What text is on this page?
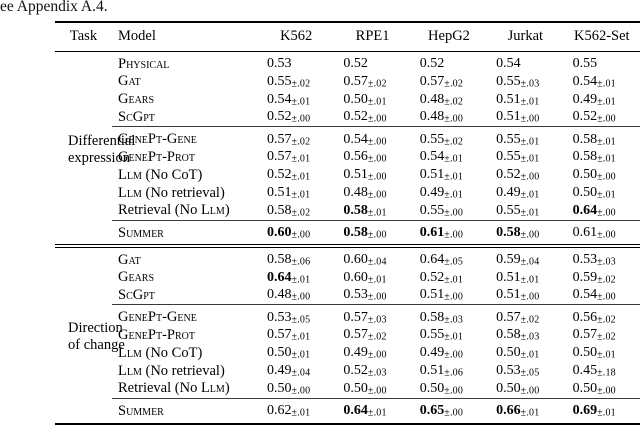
ee Appendix A.4.
Task	Model	K562	RPE1	HepG2	Jurkat	K562-Set

Differential
expression	Physical	0.53	0.52	0.52	0.54	0.55
	Gat	0.55±.02	0.57±.02	0.57±.02	0.55±.03	0.54±.01
	Gears	0.54±.01	0.50±.01	0.48±.02	0.51±.01	0.49±.01
	ScGpt	0.52±.00	0.52±.00	0.48±.00	0.51±.00	0.52±.00
	GenePt-Gene	0.57±.02	0.54±.00	0.55±.02	0.55±.01	0.58±.01
	GenePt-Prot	0.57±.01	0.56±.00	0.54±.01	0.55±.01	0.58±.01
	Llm (No CoT)	0.52±.01	0.51±.00	0.51±.01	0.52±.00	0.50±.00
	Llm (No retrieval)	0.51±.01	0.48±.00	0.49±.01	0.49±.01	0.50±.01
	Retrieval (No Llm)	0.58±.02	0.58±.01	0.55±.00	0.55±.01	0.64±.00
	Summer	0.60±.00	0.58±.00	0.61±.00	0.58±.00	0.61±.00

Direction
of change	Gat	0.58±.06	0.60±.04	0.64±.05	0.59±.04	0.53±.03
	Gears	0.64±.01	0.60±.01	0.52±.01	0.51±.01	0.59±.02
	ScGpt	0.48±.00	0.53±.00	0.51±.00	0.51±.00	0.54±.00
	GenePt-Gene	0.53±.05	0.57±.03	0.58±.03	0.57±.02	0.56±.02
	GenePt-Prot	0.57±.01	0.57±.02	0.55±.01	0.58±.03	0.57±.02
	Llm (No CoT)	0.50±.01	0.49±.00	0.49±.00	0.50±.01	0.50±.01
	Llm (No retrieval)	0.49±.04	0.52±.03	0.51±.06	0.53±.05	0.45±.18
	Retrieval (No Llm)	0.50±.00	0.50±.00	0.50±.00	0.50±.00	0.50±.00
	Summer	0.62±.01	0.64±.01	0.65±.00	0.66±.01	0.69±.01
